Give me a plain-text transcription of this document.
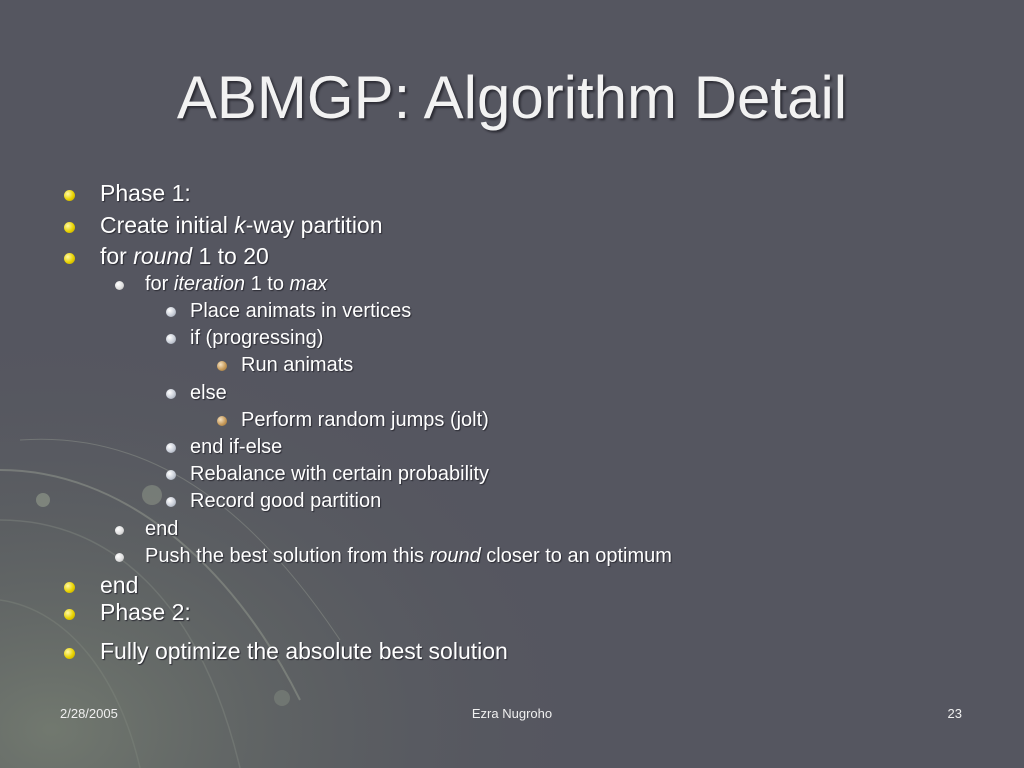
ABMGP: Algorithm Detail
Phase 1:
Create initial k-way partition
for round 1 to 20
for iteration 1 to max
Place animats in vertices
if (progressing)
Run animats
else
Perform random jumps (jolt)
end if-else
Rebalance with certain probability
Record good partition
end
Push the best solution from this round closer to an optimum
end
Phase 2:
Fully optimize the absolute best solution
2/28/2005	Ezra Nugroho	23
